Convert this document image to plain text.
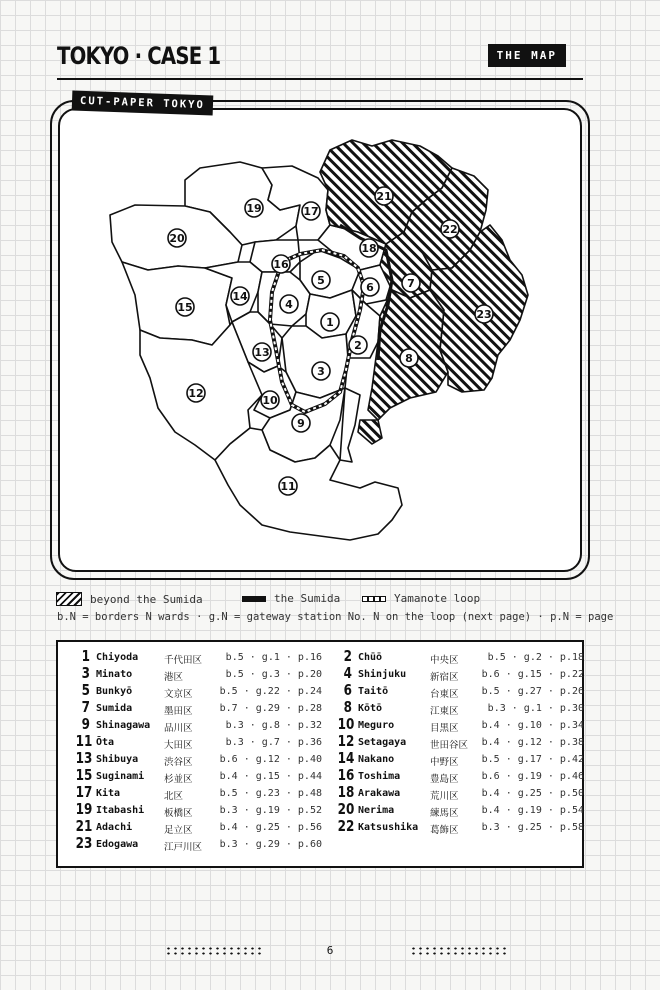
TOKYO · CASE 1	THE MAP
CUT-PAPER TOKYO
1
2
3
4
5
6	7
8
9
10
11
12
13
14
15
16
17
18
19
20
21
22
23
beyond the Sumida	the Sumida	Yamanote loop
b.N = borders N wards · g.N = gateway station No. N on the loop (next page) · p.N = page
1 Chiyoda	千代田区 b.5 · g.1 · p.16	2 Chūō	中央区	b.5 · g.2 · p.18
3 Minato	港区	b.5 · g.3 · p.20	4 Shinjuku	新宿区 b.6 · g.15 · p.22
5 Bunkyō	文京区	b.5 · g.22 · p.24	6 Taitō	台東区 b.5 · g.27 · p.26
7 Sumida	墨田区	b.7 · g.29 · p.28	8 Kōtō	江東区	b.3 · g.1 · p.30
9 Shinagawa 品川区	b.3 · g.8 · p.32 10 Meguro	目黒区 b.4 · g.10 · p.34
11 Ōta	大田区	b.3 · g.7 · p.36 12 Setagaya	世田谷区 b.4 · g.12 · p.38
13 Shibuya	渋谷区	b.6 · g.12 · p.40 14 Nakano	中野区 b.5 · g.17 · p.42
15 Suginami 杉並区	b.4 · g.15 · p.44 16 Toshima	豊島区 b.6 · g.19 · p.46
17 Kita	北区	b.5 · g.23 · p.48 18 Arakawa	荒川区 b.4 · g.25 · p.50
19 Itabashi 板橋区	b.3 · g.19 · p.52 20 Nerima	練馬区 b.4 · g.19 · p.54
21 Adachi	足立区	b.4 · g.25 · p.56 22 Katsushika 葛飾区 b.3 · g.25 · p.58
23 Edogawa	江戸川区 b.3 · g.29 · p.60
6
